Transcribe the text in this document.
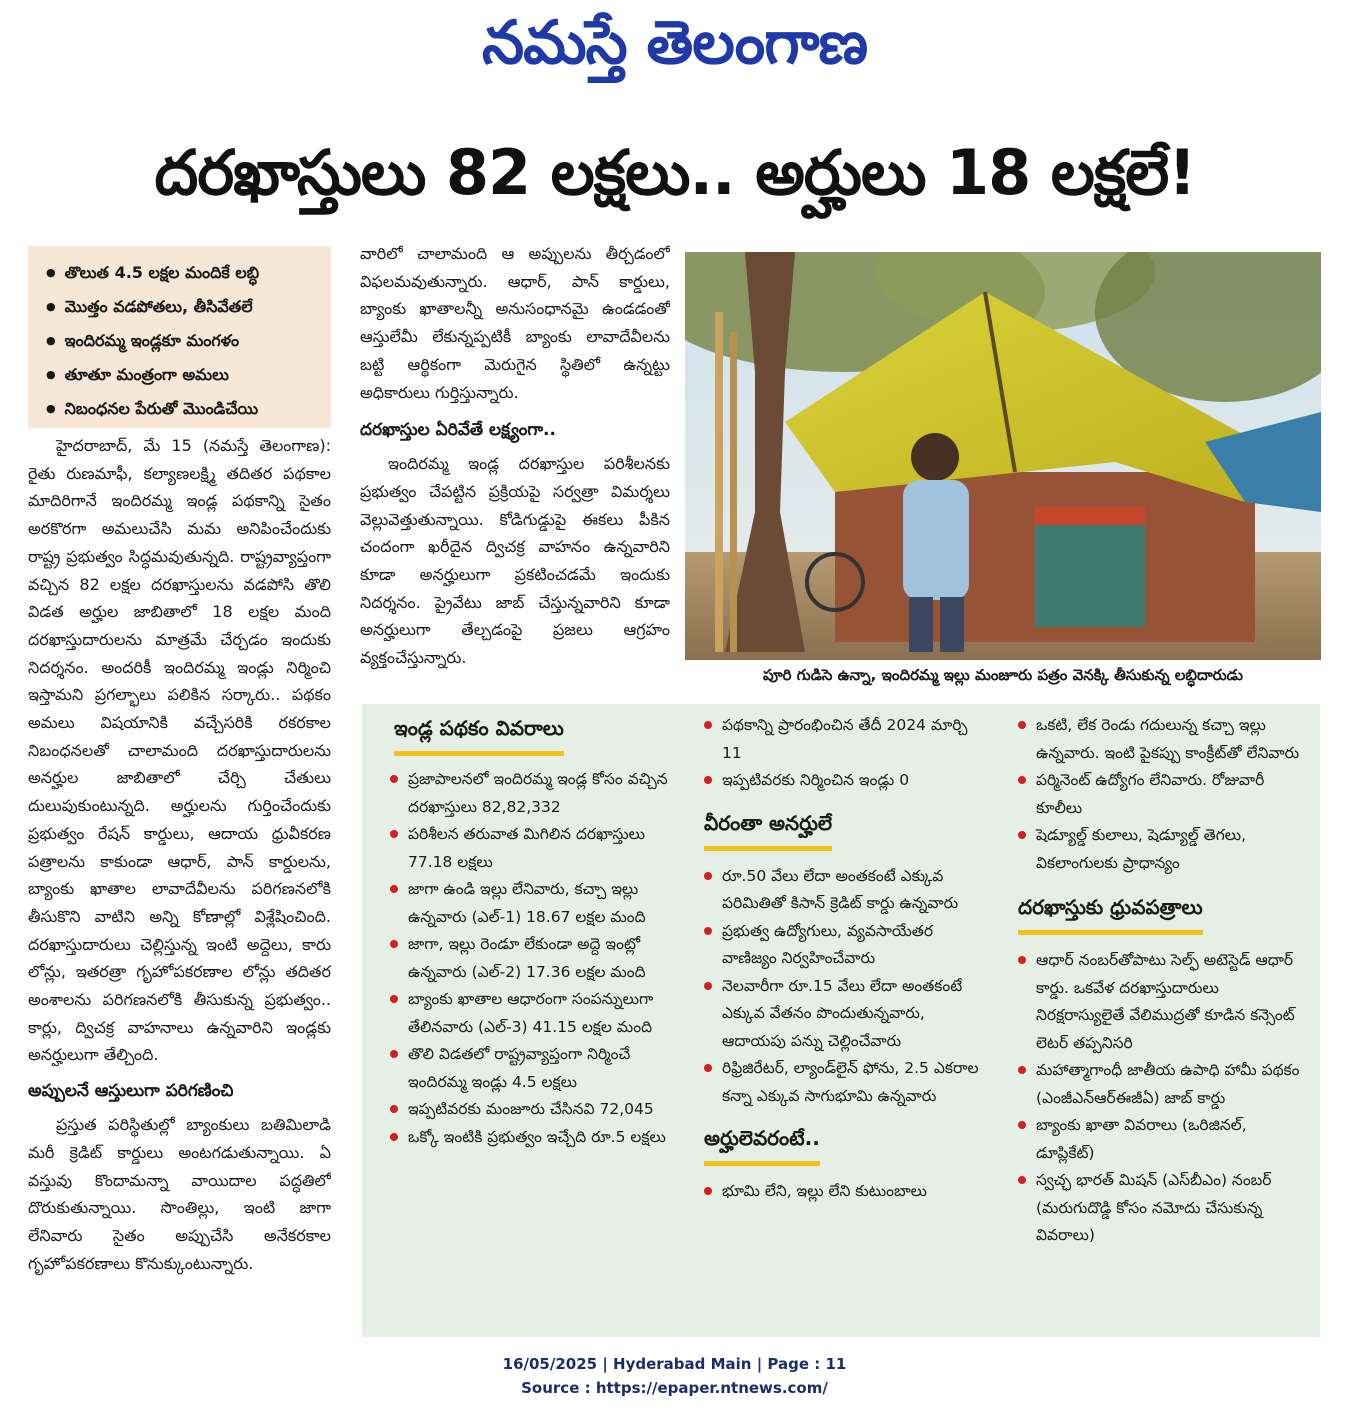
నమస్తే తెలంగాణ
దరఖాస్తులు 82 లక్షలు.. అర్హులు 18 లక్షలే!
● తొలుత 4.5 లక్షల మందికే లబ్ధి
● మొత్తం వడపోతలు, తీసివేతలే
● ఇందిరమ్మ ఇండ్లకూ మంగళం
● తూతూ మంత్రంగా అమలు
● నిబంధనల పేరుతో మొండిచేయి

హైదరాబాద్, మే 15 (నమస్తే తెలంగాణ): రైతు రుణమాఫీ, కల్యాణలక్ష్మి తదితర పథకాల మాదిరిగానే ఇందిరమ్మ ఇండ్ల పథకాన్ని సైతం అరకొరగా అమలుచేసి మమ అనిపించేందుకు రాష్ట్ర ప్రభుత్వం సిద్ధమవుతున్నది. రాష్ట్రవ్యాప్తంగా వచ్చిన 82 లక్షల దరఖాస్తులను వడపోసి తొలి విడత అర్హుల జాబితాలో 18 లక్షల మంది దరఖాస్తుదారులను మాత్రమే చేర్చడం ఇందుకు నిదర్శనం. అందరికీ ఇందిరమ్మ ఇండ్లు నిర్మించి ఇస్తామని ప్రగల్భాలు పలికిన సర్కారు.. పథకం అమలు విషయానికి వచ్చేసరికి రకరకాల నిబంధనలతో చాలామంది దరఖాస్తుదారులను అనర్హుల జాబితాలో చేర్చి చేతులు దులుపుకుంటున్నది. అర్హులను గుర్తించేందుకు ప్రభుత్వం రేషన్ కార్డులు, ఆదాయ ధ్రువీకరణ పత్రాలను కాకుండా ఆధార్, పాన్ కార్డులను, బ్యాంకు ఖాతాల లావాదేవీలను పరిగణనలోకి తీసుకొని వాటిని అన్ని కోణాల్లో విశ్లేషించింది. దరఖాస్తుదారులు చెల్లిస్తున్న ఇంటి అద్దెలు, కారు లోన్లు, ఇతరత్రా గృహోపకరణాల లోన్లు తదితర అంశాలను పరిగణనలోకి తీసుకున్న ప్రభుత్వం.. కార్లు, ద్విచక్ర వాహనాలు ఉన్నవారిని ఇండ్లకు అనర్హులుగా తేల్చింది.

అప్పులనే ఆస్తులుగా పరిగణించి

ప్రస్తుత పరిస్థితుల్లో బ్యాంకులు బతిమిలాడి మరీ క్రెడిట్ కార్డులు అంటగడుతున్నాయి. ఏ వస్తువు కొందామన్నా వాయిదాల పద్ధతిలో దొరుకుతున్నాయి. సొంతిల్లు, ఇంటి జాగా లేనివారు సైతం అప్పుచేసి అనేకరకాల గృహోపకరణాలు కొనుక్కుంటున్నారు.

వారిలో చాలామంది ఆ అప్పులను తీర్చడంలో విఫలమవుతున్నారు. ఆధార్, పాన్ కార్డులు, బ్యాంకు ఖాతాలన్నీ అనుసంధానమై ఉండడంతో ఆస్తులేమీ లేకున్నప్పటికీ బ్యాంకు లావాదేవీలను బట్టి ఆర్థికంగా మెరుగైన స్థితిలో ఉన్నట్టు అధికారులు గుర్తిస్తున్నారు.

దరఖాస్తుల ఏరివేతే లక్ష్యంగా..

ఇందిరమ్మ ఇండ్ల దరఖాస్తుల పరిశీలనకు ప్రభుత్వం చేపట్టిన ప్రక్రియపై సర్వత్రా విమర్శలు వెల్లువెత్తుతున్నాయి. కోడిగుడ్డుపై ఈకలు పీకిన చందంగా ఖరీదైన ద్విచక్ర వాహనం ఉన్నవారిని కూడా అనర్హులుగా ప్రకటించడమే ఇందుకు నిదర్శనం. ప్రైవేటు జాబ్ చేస్తున్నవారిని కూడా అనర్హులుగా తేల్చడంపై ప్రజలు ఆగ్రహం వ్యక్తంచేస్తున్నారు.

పూరి గుడిసె ఉన్నా, ఇందిరమ్మ ఇల్లు మంజూరు పత్రం వెనక్కి తీసుకున్న లబ్ధిదారుడు
ఇండ్ల పథకం వివరాలు
ప్రజాపాలనలో ఇందిరమ్మ ఇండ్ల కోసం వచ్చిన దరఖాస్తులు 82,82,332
పరిశీలన తరువాత మిగిలిన దరఖాస్తులు 77.18 లక్షలు
జాగా ఉండి ఇల్లు లేనివారు, కచ్చా ఇల్లు ఉన్నవారు (ఎల్-1) 18.67 లక్షల మంది
జాగా, ఇల్లు రెండూ లేకుండా అద్దె ఇంట్లో ఉన్నవారు (ఎల్-2) 17.36 లక్షల మంది
బ్యాంకు ఖాతాల ఆధారంగా సంపన్నులుగా తేలినవారు (ఎల్-3) 41.15 లక్షల మంది
తొలి విడతలో రాష్ట్రవ్యాప్తంగా నిర్మించే ఇందిరమ్మ ఇండ్లు 4.5 లక్షలు
ఇప్పటివరకు మంజూరు చేసినవి 72,045
ఒక్కో ఇంటికి ప్రభుత్వం ఇచ్చేది రూ.5 లక్షలు
పథకాన్ని ప్రారంభించిన తేదీ 2024 మార్చి 11
ఇప్పటివరకు నిర్మించిన ఇండ్లు 0
వీరంతా అనర్హులే
రూ.50 వేలు లేదా అంతకంటే ఎక్కువ పరిమితితో కిసాన్ క్రెడిట్ కార్డు ఉన్నవారు
ప్రభుత్వ ఉద్యోగులు, వ్యవసాయేతర వాణిజ్యం నిర్వహించేవారు
నెలవారీగా రూ.15 వేలు లేదా అంతకంటే ఎక్కువ వేతనం పొందుతున్నవారు, ఆదాయపు పన్ను చెల్లించేవారు
రిఫ్రిజిరేటర్, ల్యాండ్‌లైన్ ఫోను, 2.5 ఎకరాల కన్నా ఎక్కువ సాగుభూమి ఉన్నవారు
అర్హులెవరంటే..
భూమి లేని, ఇల్లు లేని కుటుంబాలు
ఒకటి, లేక రెండు గదులున్న కచ్చా ఇల్లు ఉన్నవారు. ఇంటి పైకప్పు కాంక్రీట్‌తో లేనివారు
పర్మినెంట్ ఉద్యోగం లేనివారు. రోజువారీ కూలీలు
షెడ్యూల్డ్ కులాలు, షెడ్యూల్డ్ తెగలు, వికలాంగులకు ప్రాధాన్యం
దరఖాస్తుకు ధ్రువపత్రాలు
ఆధార్ నంబర్‌తోపాటు సెల్ఫ్ అటెస్టెడ్ ఆధార్ కార్డు. ఒకవేళ దరఖాస్తుదారులు నిరక్షరాస్యులైతే వేలిముద్రతో కూడిన కన్సెంట్ లెటర్ తప్పనిసరి
మహాత్మాగాంధీ జాతీయ ఉపాధి హామీ పథకం (ఎంజీఎన్‌ఆర్‌ఈజీఏ) జాబ్ కార్డు
బ్యాంకు ఖాతా వివరాలు (ఒరిజినల్, డూప్లికేట్)
స్వచ్ఛ భారత్ మిషన్ (ఎస్‌బీఎం) నంబర్ (మరుగుదొడ్డి కోసం నమోదు చేసుకున్న వివరాలు)
16/05/2025 | Hyderabad Main | Page : 11
Source : https://epaper.ntnews.com/
